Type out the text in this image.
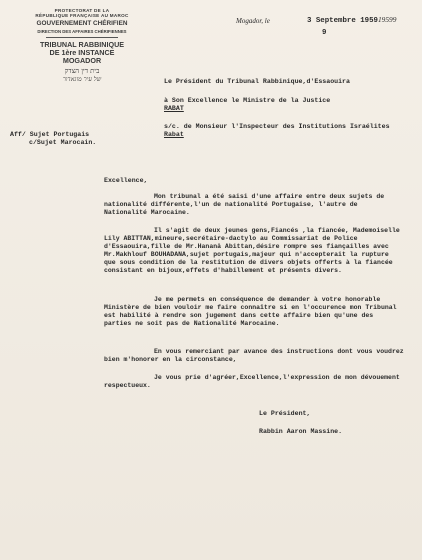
PROTECTORAT DE LA
RÉPUBLIQUE FRANÇAISE AU MAROC
GOUVERNEMENT CHÉRIFIEN
DIRECTION DES AFFAIRES CHÉRIFIENNES
TRIBUNAL RABBINIQUE
DE 1ère INSTANCE
MOGADOR
בית דין הצדק
של עיר מוגאדור
Mogador, le	3 Septembre 195919599
9
Le Président du Tribunal Rabbinique,d'Essaouira
à Son Excellence le Ministre de la Justice
RABAT
s/c. de Monsieur l'Inspecteur des Institutions Israélites
Rabat
Aff/ Sujet Portugais
c/Sujet Marocain.
Excellence,

Mon tribunal a été saisi d'une affaire entre deux sujets de nationalité différente,l'un de nationalité Portugaise, l'autre de Nationalité Marocaine.

Il s'agit de deux jeunes gens,Fiancés ,la fiancée, Mademoiselle Lily ABITTAN,mineure,secrétaire-dactylo au Commissariat de Police d'Essaouira,fille de Mr.Hananâ Abittan,désire rompre ses fiançailles avec Mr.Makhlouf BOUHADANA,sujet portugais,majeur qui n'accepterait la rupture que sous condition de la restitution de divers objets offerts à la fiancée consistant en bijoux,effets d'habillement et présents divers.

Je me permets en conséquence de demander à votre honorable Ministère de bien vouloir me faire connaître si en l'occurence mon Tribunal est habilité à rendre son jugement dans cette affaire bien qu'une des parties ne soit pas de Nationalité Marocaine.

En vous remerciant par avance des instructions dont vous voudrez bien m'honorer en la circonstance,

Je vous prie d'agréer,Excellence,l'expression de mon dévouement respectueux.

Le Président,
Rabbin Aaron Massine.
